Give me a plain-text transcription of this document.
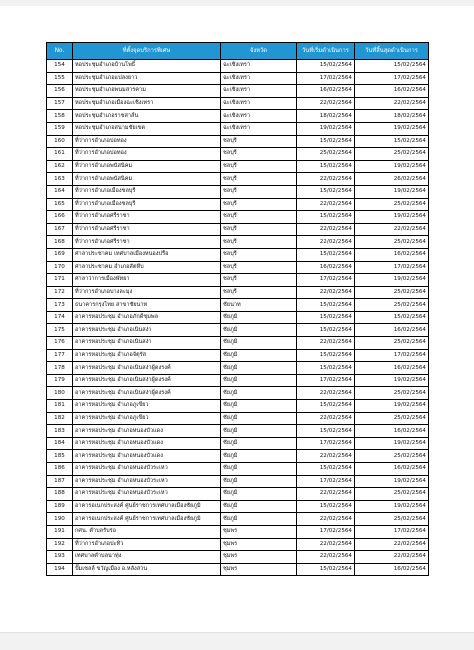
No.	ที่ตั้งจุดบริการพิเศษ	จังหวัด	วันที่เริ่มดำเนินการ	วันที่สิ้นสุดดำเนินการ
154	หอประชุมอำเภอบ้านโพธิ์	ฉะเชิงเทรา	15/02/2564	15/02/2564
155	หอประชุมอำเภอแปลงยาว	ฉะเชิงเทรา	17/02/2564	17/02/2564
156	หอประชุมอำเภอพนมสารคาม	ฉะเชิงเทรา	16/02/2564	16/02/2564
157	หอประชุมอำเภอเมืองฉะเชิงเทรา	ฉะเชิงเทรา	22/02/2564	22/02/2564
158	หอประชุมอำเภอราชสาส์น	ฉะเชิงเทรา	18/02/2564	18/02/2564
159	หอประชุมอำเภอสนามชัยเขต	ฉะเชิงเทรา	19/02/2564	19/02/2564
160	ที่ว่าการอำเภอบ่อทอง	ชลบุรี	15/02/2564	15/02/2564
161	ที่ว่าการอำเภอบ่อทอง	ชลบุรี	25/02/2564	25/02/2564
162	ที่ว่าการอำเภอพนัสนิคม	ชลบุรี	15/02/2564	19/02/2564
163	ที่ว่าการอำเภอพนัสนิคม	ชลบุรี	22/02/2564	26/02/2564
164	ที่ว่าการอำเภอเมืองชลบุรี	ชลบุรี	15/02/2564	19/02/2564
165	ที่ว่าการอำเภอเมืองชลบุรี	ชลบุรี	22/02/2564	25/02/2564
166	ที่ว่าการอำเภอศรีราชา	ชลบุรี	15/02/2564	19/02/2564
167	ที่ว่าการอำเภอศรีราชา	ชลบุรี	22/02/2564	22/02/2564
168	ที่ว่าการอำเภอศรีราชา	ชลบุรี	22/02/2564	25/02/2564
169	ศาลาประชาคม เทศบาลเมืองหนองปรือ	ชลบุรี	15/02/2564	16/02/2564
170	ศาลาประชาคม อำเภอสัตหีบ	ชลบุรี	16/02/2564	17/02/2564
171	ศาลาว่าการเมืองพัทยา	ชลบุรี	17/02/2564	19/02/2564
172	ที่ว่าการอำเภอบางละมุง	ชลบุรี	22/02/2564	25/02/2564
173	ธนาคารกรุงไทย สาขาชัยนาท	ชัยนาท	15/02/2564	25/02/2564
174	อาคารหอประชุม อำเภอภักดีชุมพล	ชัยภูมิ	15/02/2564	15/02/2564
175	อาคารหอประชุม อำเภอเนินสง่า	ชัยภูมิ	15/02/2564	16/02/2564
176	อาคารหอประชุม อำเภอเนินสง่า	ชัยภูมิ	22/02/2564	25/02/2564
177	อาคารหอประชุม อำเภอจัตุรัส	ชัยภูมิ	15/02/2564	17/02/2564
178	อาคารหอประชุม อำเภอเนินสง่าผู้ดงรงค์	ชัยภูมิ	15/02/2564	16/02/2564
179	อาคารหอประชุม อำเภอเนินสง่าผู้ดงรงค์	ชัยภูมิ	17/02/2564	19/02/2564
180	อาคารหอประชุม อำเภอเนินสง่าผู้ดงรงค์	ชัยภูมิ	22/02/2564	25/02/2564
181	อาคารหอประชุม อำเภอภูเขียว	ชัยภูมิ	15/02/2564	19/02/2564
182	อาคารหอประชุม อำเภอภูเขียว	ชัยภูมิ	22/02/2564	25/02/2564
183	อาคารหอประชุม อำเภอหนองบัวแดง	ชัยภูมิ	15/02/2564	16/02/2564
184	อาคารหอประชุม อำเภอหนองบัวแดง	ชัยภูมิ	17/02/2564	19/02/2564
185	อาคารหอประชุม อำเภอหนองบัวแดง	ชัยภูมิ	22/02/2564	25/02/2564
186	อาคารหอประชุม อำเภอหนองบัวระเหว	ชัยภูมิ	15/02/2564	16/02/2564
187	อาคารหอประชุม อำเภอหนองบัวระเหว	ชัยภูมิ	17/02/2564	19/02/2564
188	อาคารหอประชุม อำเภอหนองบัวระเหว	ชัยภูมิ	22/02/2564	25/02/2564
189	อาคารอเนกประสงค์ ศูนย์ราชการเทศบาลเมืองชัยภูมิ	ชัยภูมิ	15/02/2564	19/02/2564
190	อาคารอเนกประสงค์ ศูนย์ราชการเทศบาลเมืองชัยภูมิ	ชัยภูมิ	22/02/2564	25/02/2564
191	กศน. ตำบลรับร่อ	ชุมพร	17/02/2564	17/02/2564
192	ที่ว่าการอำเภอปะทิว	ชุมพร	22/02/2564	22/02/2564
193	เทศบาลตำบลนาทุ่ง	ชุมพร	22/02/2564	22/02/2564
194	ปั๊มเชลล์ ขวัญเมือง อ.หลังสวน	ชุมพร	15/02/2564	16/02/2564
